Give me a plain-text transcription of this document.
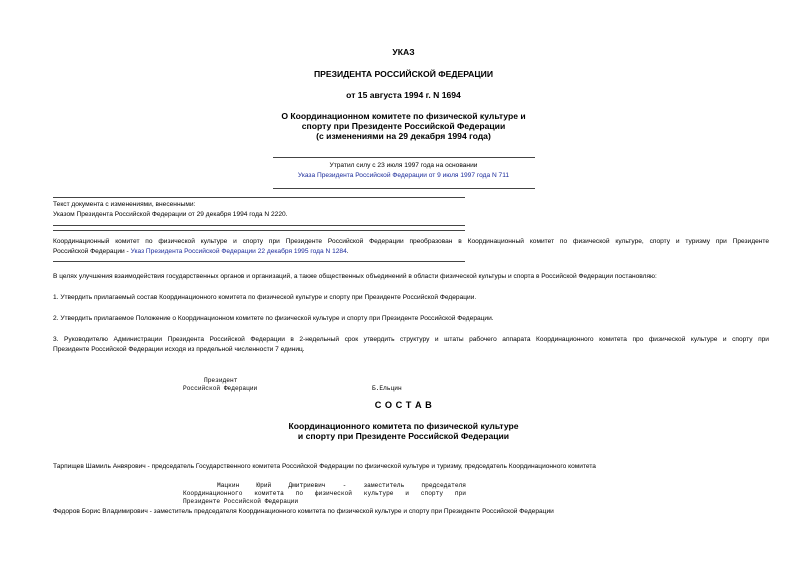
УКАЗ
ПРЕЗИДЕНТА РОССИЙСКОЙ ФЕДЕРАЦИИ
от 15 августа 1994 г. N 1694
О Координационном комитете по физической культуре и
спорту при Президенте Российской Федерации
(с изменениями на 29 декабря 1994 года)
Утратил силу с 23 июля 1997 года на основании
Указа Президента Российской Федерации от 9 июля 1997 года N 711
Текст документа с изменениями, внесенными:
Указом Президента Российской Федерации от 29 декабря 1994 года N 2220.
Координационный комитет по физической культуре и спорту при Президенте Российской Федерации преобразован в Координационный комитет по физической культуре, спорту и туризму при Президенте
Российской Федерации - Указ Президента Российской Федерации 22 декабря 1995 года N 1284.
В целях улучшения взаимодействия государственных органов и организаций, а также общественных объединений в области физической культуры и спорта в Российской Федерации постановляю:
1. Утвердить прилагаемый состав Координационного комитета по физической культуре и спорту при Президенте Российской Федерации.
2. Утвердить прилагаемое Положение о Координационном комитете по физической культуре и спорту при Президенте Российской Федерации.
3. Руководителю Администрации Президента Российской Федерации в 2-недельный срок утвердить структуру и штаты рабочего аппарата Координационного комитета про физической культуре и спорту при
Президенте Российской Федерации исходя из предельной численности 7 единиц.
Президент
Российской Федерации	Б.Ельцин
С О С Т А В
Координационного комитета по физической культуре
и спорту при Президенте Российской Федерации
Тарпищев Шамиль Анвярович - председатель Государственного комитета Российской Федерации по физической культуре и туризму, председатель Координационного комитета
Мацкин Юрий Дмитриевич - заместитель председателя
Координационного комитета по физической культуре и спорту при
Президенте Российской Федерации
Федоров Борис Владимирович - заместитель председателя Координационного комитета по физической культуре и спорту при Президенте Российской Федерации
